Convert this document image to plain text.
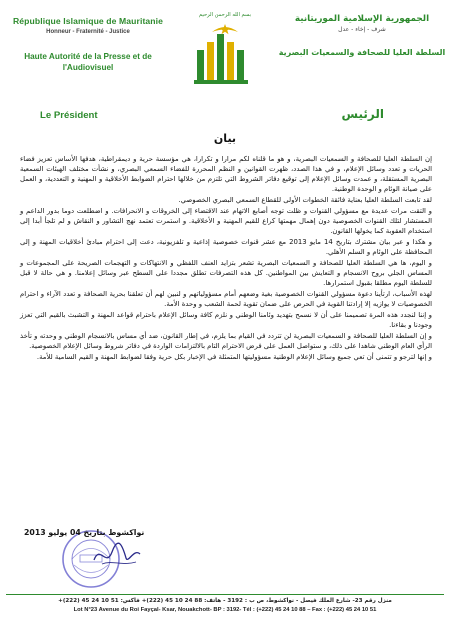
République Islamique de Mauritanie
Honneur - Fraternité - Justice
Haute Autorité de la Presse et de l'Audiovisuel
بسم الله الرحمن الرحيم	الجمهورية الإسلامية الموريتانية
شرف - إخاء - عدل
السلطة العليا للصحافة والسمعيات البصرية
Le Président	الرئيس
بيان

إن السلطة العليا للصحافة و السمعيات البصرية، و هو ما قلناه لكم مرارا و تكرارا، هي مؤسسة حرية و ديمقراطية، هدفها الأساس تعزيز فضاء الحريات و تعدد وسائل الإعلام، و في هذا الصدد، ظهرت القوانين و النظم المحررة للفضاء السمعي البصري، و نشأت مختلف الهيئات السمعية البصرية المستقلة، و عمدت وسائل الإعلام إلى توقيع دفاتر الشروط التي تلتزم من خلالها احترام الضوابط الأخلاقية و المهنية و التعددية، و العمل على صيانة الوئام و الوحدة الوطنية.

لقد تابعت السلطة العليا بعناية فائقة الخطوات الأولى للقطاع السمعي البصري الخصوصي.

و التقت مرات عديدة مع مسؤولي القنوات و ظلت توجه أصابع الاتهام عند الاقتضاء إلى الخروقات و الانحرافات. و اضطلعت دوما بدور الداعم و المستشار لتلك القنوات الخصوصية دون إهمال مهمتها كراع للقيم المهنية و الأخلاقية. و استمرت تعتمد نهج التشاور و النقاش و لم تلجأ أبدا إلى استخدام العقوبة كما يخولها القانون.

و هكذا و عبر بيان مشترك بتاريخ 14 مايو 2013 مع عشر قنوات خصوصية إذاعية و تلفزيونية، دعت إلى احترام مبادئ أخلاقيات المهنة و إلى المحافظة على الوئام و السلم الأهلي.

و اليوم، ها هي السلطة العليا للصحافة و السمعيات البصرية تشعر بتزايد العنف اللفظي و الانتهاكات و التهجمات الصريحة على المجموعات و المساس الجلي بروح الانسجام و التعايش بين المواطنين. كل هذه التصرفات تطلق مجددا على السطح عبر وسائل إعلامنا. و هي حالة لا قبل للسلطة اليوم مطلقا بقبول استمرارها.

لهذه الأسباب، ارتأينا دعوة مسؤولي القنوات الخصوصية بغية وضعهم أمام مسؤولياتهم و لنبين لهم أن تعلقنا بحرية الصحافة و تعدد الآراء و احترام الخصوصيات لا يوازيه إلا إرادتنا القوية في الحرص على ضمان تقوية لحمة الشعب و وحدة الأمة.

و إننا لنجدد هذه المرة تصميمنا على أن لا نسمح بتهديد وئامنا الوطني و نلزم كافة وسائل الإعلام باحترام قواعد المهنة و التشبث بالقيم التي تعزز وجودنا و بقاءنا.

و إن السلطة العليا للصحافة و السمعيات البصرية لن تتردد في القيام بما يلزم، في إطار القانون، ضد أي مساس بالانسجام الوطني و وحدته و تأخذ الرأي العام الوطني شاهدا على ذلك، و ستواصل العمل على فرض الاحترام التام بالالتزامات الواردة في دفاتر شروط وسائل الإعلام الخصوصية.

و إنها لترجو و تتمنى أن تعي جميع وسائل الإعلام الوطنية مسؤوليتها المتمثلة في الإخبار بكل حرية وفقا لضوابط المهنة و القيم السامية للأمة.

نواكشوط بتاريخ 04 يوليو 2013
منزل رقم 23- شارع الملك فيصل - نواكشوط، ص ب : 3192 - هاتف: 88 24 10 45 (222)+ فاكس: 51 10 24 45 (222)+
Lot N°23 Avenue du Roi Fayçal- Ksar, Nouakchott- BP : 3192- Tél : (+222) 45 24 10 88 – Fax : (+222) 45 24 10 51
